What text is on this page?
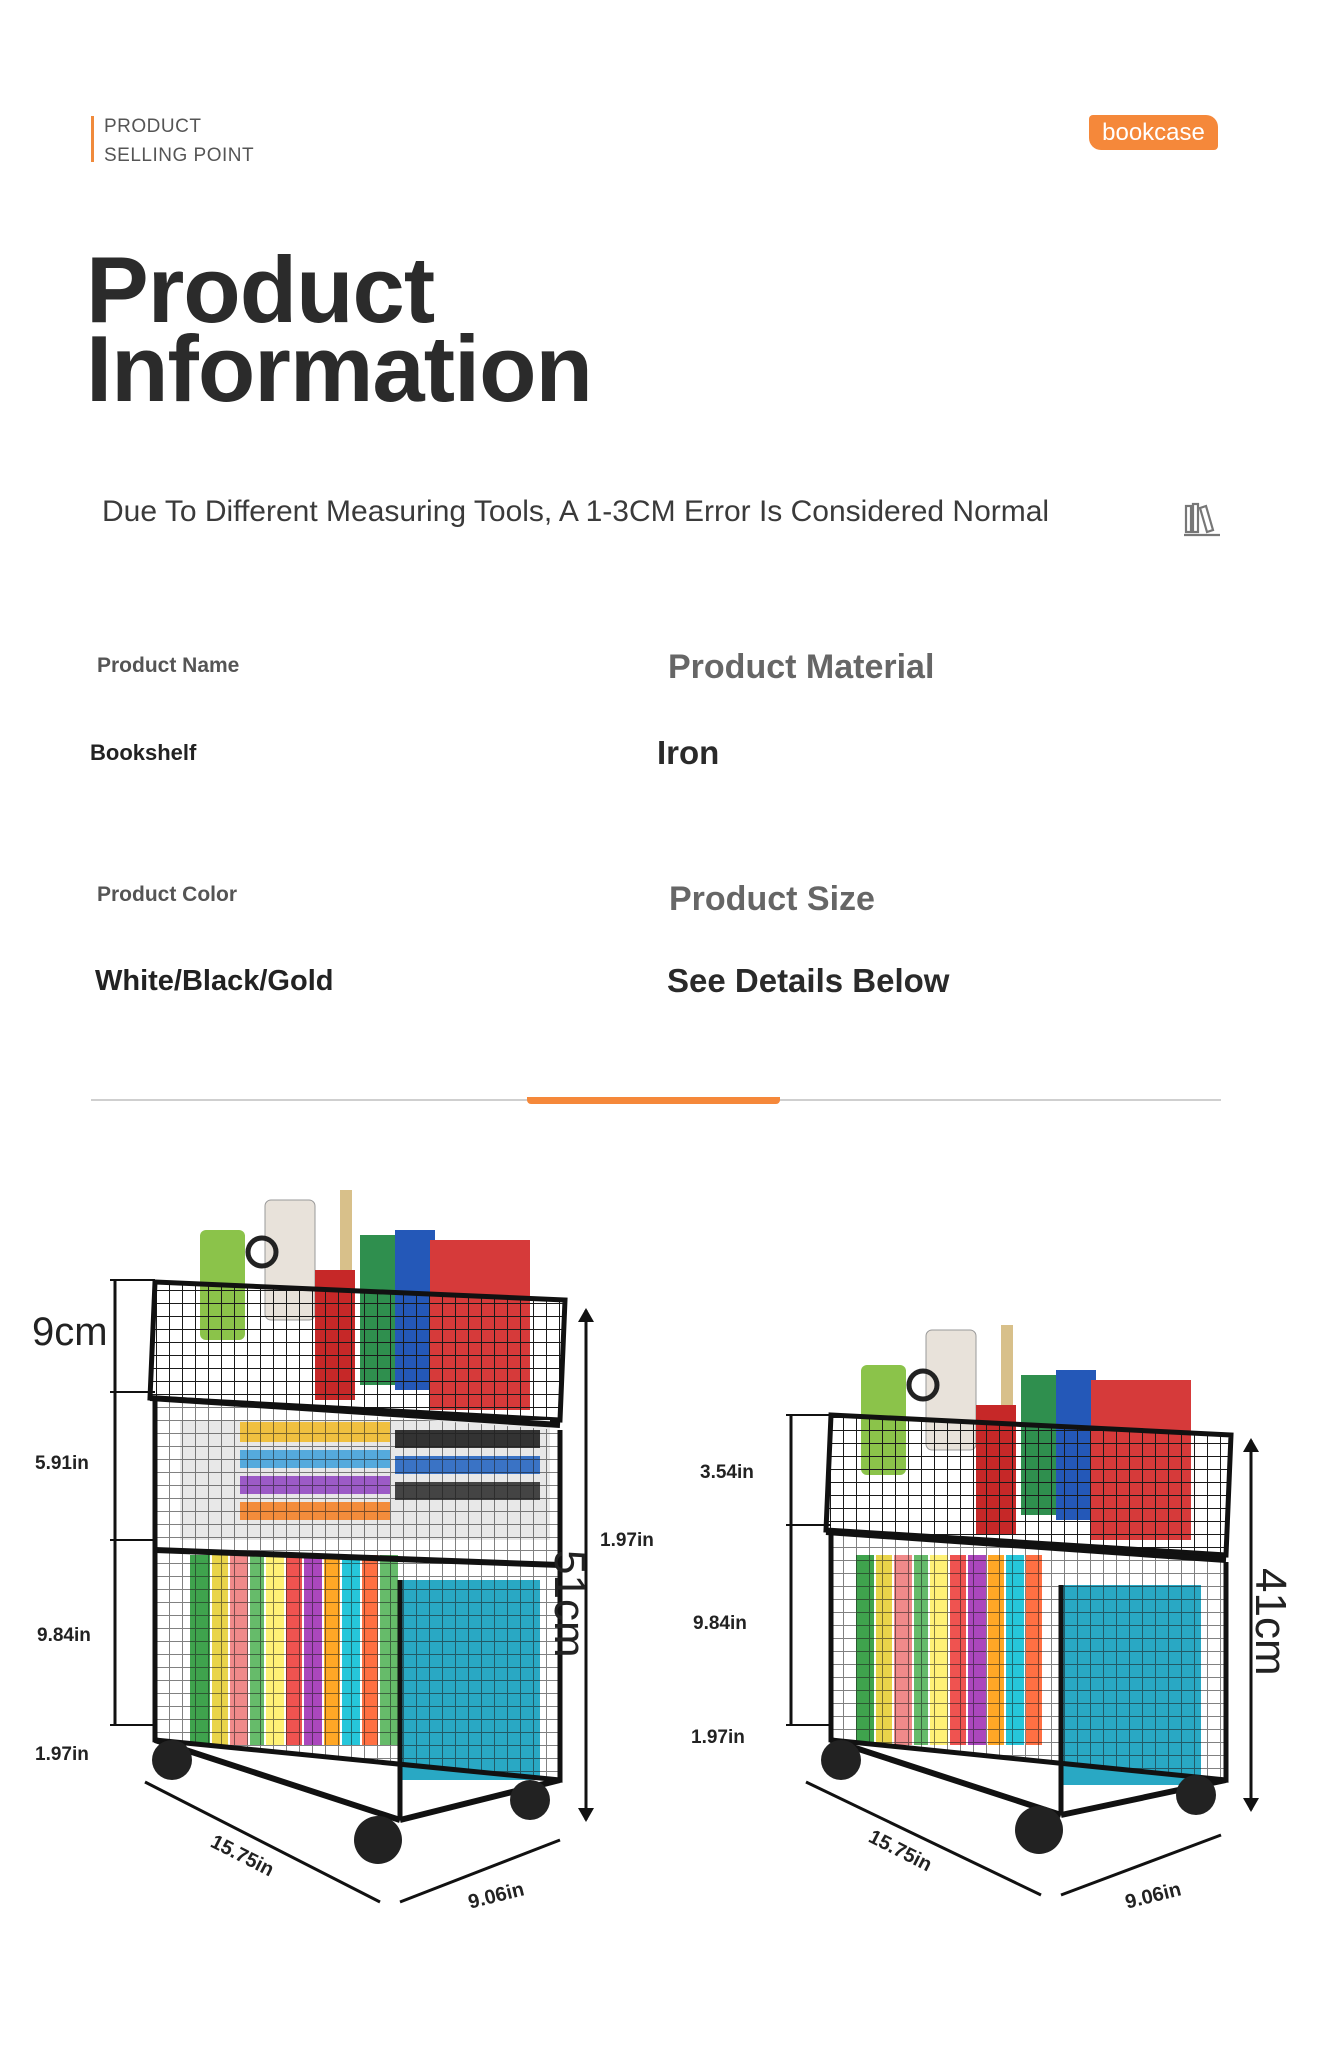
PRODUCT
SELLING POINT
bookcase
Product
Information
Due To Different Measuring Tools, A 1-3CM Error Is Considered Normal
Product Name
Bookshelf
Product Material
Iron
Product Color
White/Black/Gold
Product Size
See Details Below
9cm
5.91in
1.97in
9.84in
1.97in
51cm
15.75in
9.06in
3.54in
9.84in
1.97in
41cm
15.75in
9.06in
